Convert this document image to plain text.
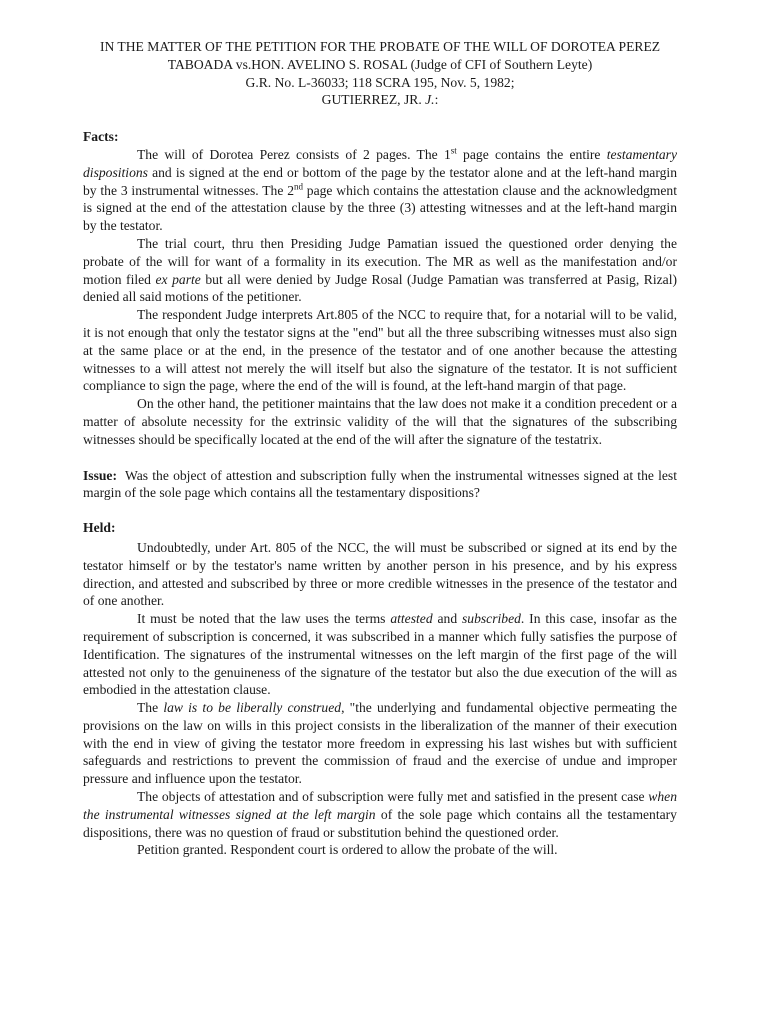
IN THE MATTER OF THE PETITION FOR THE PROBATE OF THE WILL OF DOROTEA PEREZ

TABOADA vs.HON. AVELINO S. ROSAL (Judge of CFI of Southern Leyte)

G.R. No. L-36033; 118 SCRA 195, Nov. 5, 1982;

GUTIERREZ, JR. J.:

Facts:

The will of Dorotea Perez consists of 2 pages. The 1st page contains the entire testamentary dispositions and is signed at the end or bottom of the page by the testator alone and at the left-hand margin by the 3 instrumental witnesses. The 2nd page which contains the attestation clause and the acknowledgment is signed at the end of the attestation clause by the three (3) attesting witnesses and at the left-hand margin by the testator.

The trial court, thru then Presiding Judge Pamatian issued the questioned order denying the probate of the will for want of a formality in its execution. The MR as well as the manifestation and/or motion filed ex parte but all were denied by Judge Rosal (Judge Pamatian was transferred at Pasig, Rizal) denied all said motions of the petitioner.

The respondent Judge interprets Art.805 of the NCC to require that, for a notarial will to be valid, it is not enough that only the testator signs at the "end" but all the three subscribing witnesses must also sign at the same place or at the end, in the presence of the testator and of one another because the attesting witnesses to a will attest not merely the will itself but also the signature of the testator. It is not sufficient compliance to sign the page, where the end of the will is found, at the left-hand margin of that page.

On the other hand, the petitioner maintains that the law does not make it a condition precedent or a matter of absolute necessity for the extrinsic validity of the will that the signatures of the subscribing witnesses should be specifically located at the end of the will after the signature of the testatrix.

Issue: Was the object of attestion and subscription fully when the instrumental witnesses signed at the lest margin of the sole page which contains all the testamentary dispositions?
Held:

Undoubtedly, under Art. 805 of the NCC, the will must be subscribed or signed at its end by the testator himself or by the testator's name written by another person in his presence, and by his express direction, and attested and subscribed by three or more credible witnesses in the presence of the testator and of one another.

It must be noted that the law uses the terms attested and subscribed. In this case, insofar as the requirement of subscription is concerned, it was subscribed in a manner which fully satisfies the purpose of Identification. The signatures of the instrumental witnesses on the left margin of the first page of the will attested not only to the genuineness of the signature of the testator but also the due execution of the will as embodied in the attestation clause.

The law is to be liberally construed, "the underlying and fundamental objective permeating the provisions on the law on wills in this project consists in the liberalization of the manner of their execution with the end in view of giving the testator more freedom in expressing his last wishes but with sufficient safeguards and restrictions to prevent the commission of fraud and the exercise of undue and improper pressure and influence upon the testator.

The objects of attestation and of subscription were fully met and satisfied in the present case when the instrumental witnesses signed at the left margin of the sole page which contains all the testamentary dispositions, there was no question of fraud or substitution behind the questioned order.

Petition granted. Respondent court is ordered to allow the probate of the will.
